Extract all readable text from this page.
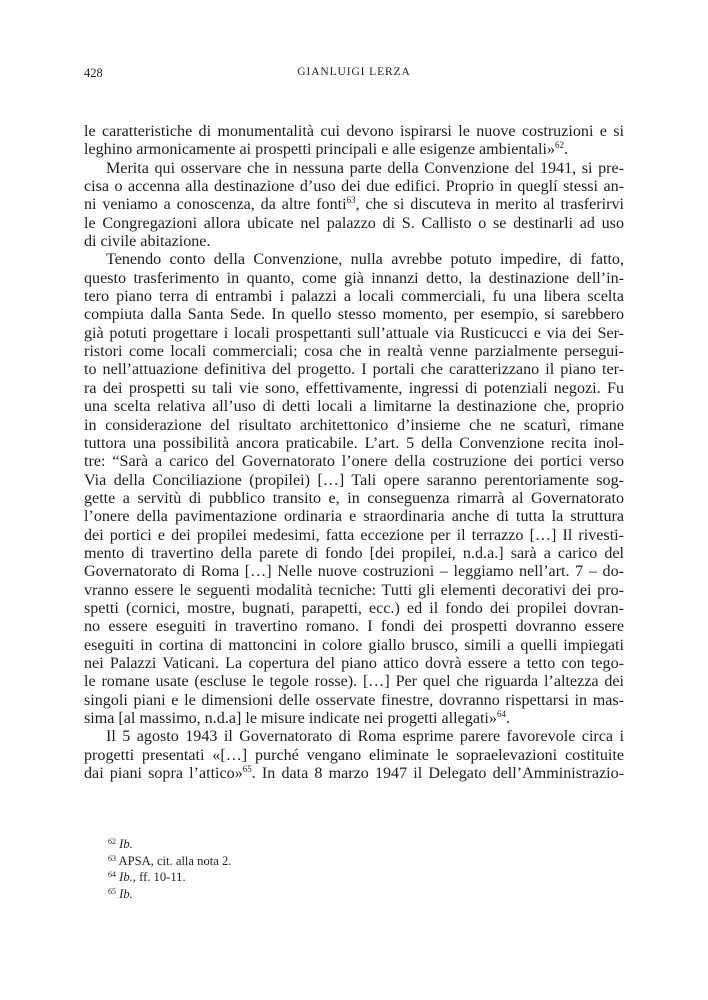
428	GIANLUIGI LERZA

le caratteristiche di monumentalità cui devono ispirarsi le nuove costruzioni e si
leghino armonicamente ai prospetti principali e alle esigenze ambientali»$^{62}$.

Merita qui osservare che in nessuna parte della Convenzione del 1941, si pre-
cisa o accenna alla destinazione d’uso dei due edifici. Proprio in queglí stessi an-
ni veniamo a conoscenza, da altre fonti$^{63}$, che si discuteva in merito al trasferirvi
le Congregazioni allora ubicate nel palazzo di S. Callisto o se destinarli ad uso
di civile abitazione.

Tenendo conto della Convenzione, nulla avrebbe potuto impedire, di fatto,
questo trasferimento in quanto, come già innanzi detto, la destinazione dell’in-
tero piano terra di entrambi i palazzi a locali commerciali, fu una libera scelta
compiuta dalla Santa Sede. In quello stesso momento, per esempio, si sarebbero
già potuti progettare i locali prospettanti sull’attuale via Rusticucci e via dei Ser-
ristori come locali commerciali; cosa che in realtà venne parzialmente persegui-
to nell’attuazione definitiva del progetto. I portali che caratterizzano il piano ter-
ra dei prospetti su tali vie sono, effettivamente, ingressi di potenziali negozi. Fu
una scelta relativa all’uso di detti locali a limitarne la destinazione che, proprio
in considerazione del risultato architettonico d’insieme che ne scaturì, rimane
tuttora una possibilità ancora praticabile. L’art. 5 della Convenzione recita inol-
tre: “Sarà a carico del Governatorato l’onere della costruzione dei portici verso
Via della Conciliazione (propilei) […] Tali opere saranno perentoriamente sog-
gette a servitù di pubblico transito e, in conseguenza rimarrà al Governatorato
l’onere della pavimentazione ordinaria e straordinaria anche di tutta la struttura
dei portici e dei propilei medesimi, fatta eccezione per il terrazzo […] Il rivesti-
mento di travertino della parete di fondo [dei propilei, n.d.a.] sarà a carico del
Governatorato di Roma […] Nelle nuove costruzioni – leggiamo nell’art. 7 – do-
vranno essere le seguenti modalità tecniche: Tutti gli elementi decorativi dei pro-
spetti (cornici, mostre, bugnati, parapetti, ecc.) ed il fondo dei propilei dovran-
no essere eseguiti in travertino romano. I fondi dei prospetti dovranno essere
eseguiti in cortina di mattoncini in colore giallo brusco, simili a quelli impiegati
nei Palazzi Vaticani. La copertura del piano attico dovrà essere a tetto con tego-
le romane usate (escluse le tegole rosse). […] Per quel che riguarda l’altezza dei
singoli piani e le dimensioni delle osservate finestre, dovranno rispettarsi in mas-
sima [al massimo, n.d.a] le misure indicate nei progetti allegati»$^{64}$.

Il 5 agosto 1943 il Governatorato di Roma esprime parere favorevole circa i
progetti presentati «[…] purché vengano eliminate le sopraelevazioni costituite
dai piani sopra l’attico»$^{65}$. In data 8 marzo 1947 il Delegato dell’Amministrazio-

$^{62}$ Ib.
$^{63}$ APSA, cit. alla nota 2.
$^{64}$ Ib., ff. 10-11.
$^{65}$ Ib.
